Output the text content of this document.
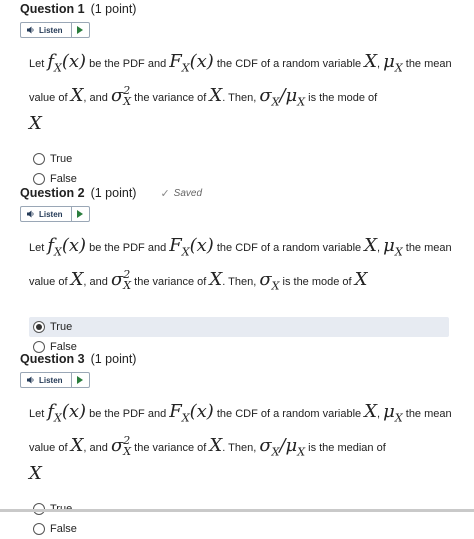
Question 1 (1 point)
Listen
Let $f_X(x)$ be the PDF and $F_X(x)$ the CDF of a random variable X, $\mu_X$ the mean value of X, and $\sigma^2_X$ the variance of X. Then, $\sigma_X/\mu_X$ is the mode of
X
True
False
Question 2 (1 point) ✓ Saved
Listen
Let $f_X(x)$ be the PDF and $F_X(x)$ the CDF of a random variable X, $\mu_X$ the mean value of X, and $\sigma^2_X$ the variance of X. Then, $\sigma_X$ is the mode of X
True
False
Question 3 (1 point)
Listen
Let $f_X(x)$ be the PDF and $F_X(x)$ the CDF of a random variable X, $\mu_X$ the mean value of X, and $\sigma^2_X$ the variance of X. Then, $\sigma_X/\mu_X$ is the median of
X
False
